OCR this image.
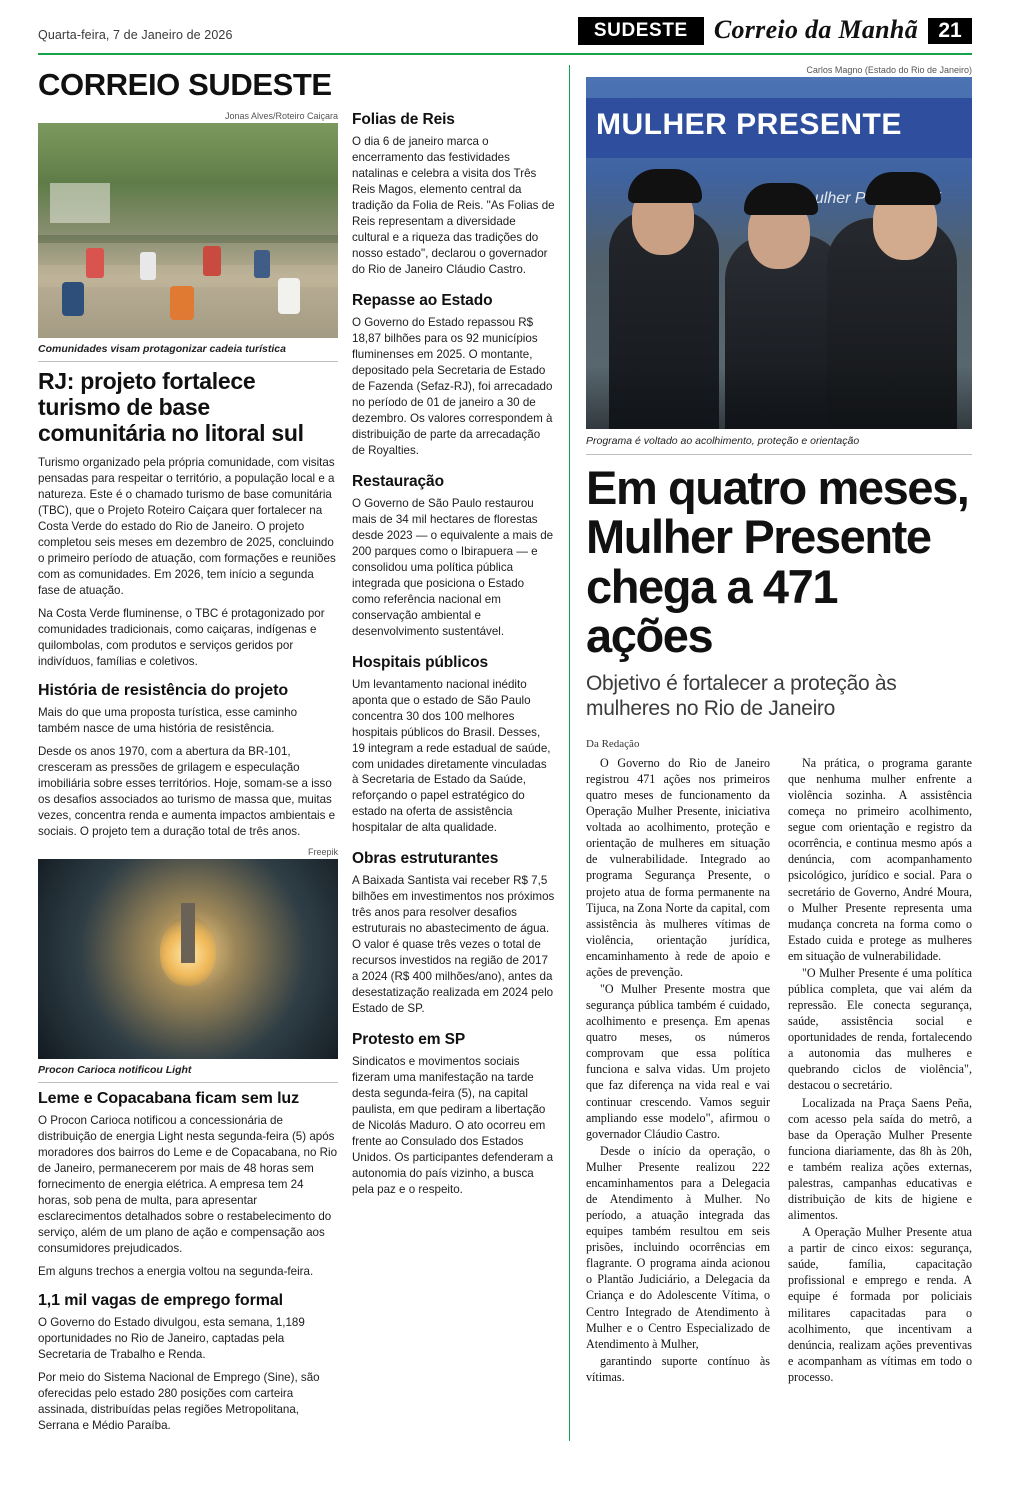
Quarta-feira, 7 de Janeiro de 2026	SUDESTE	Correio da Manhã 21
CORREIO SUDESTE
Jonas Alves/Roteiro Caiçara
Comunidades visam protagonizar cadeia turística
RJ: projeto fortalece turismo de base comunitária no litoral sul

Turismo organizado pela própria comunidade, com visitas pensadas para respeitar o território, a população local e a natureza. Este é o chamado turismo de base comunitária (TBC), que o Projeto Roteiro Caiçara quer fortalecer na Costa Verde do estado do Rio de Janeiro. O projeto completou seis meses em dezembro de 2025, concluindo o primeiro período de atuação, com formações e reuniões com as comunidades. Em 2026, tem início a segunda fase de atuação.

Na Costa Verde fluminense, o TBC é protagonizado por comunidades tradicionais, como caiçaras, indígenas e quilombolas, com produtos e serviços geridos por indivíduos, famílias e coletivos.

História de resistência do projeto

Mais do que uma proposta turística, esse caminho também nasce de uma história de resistência.

Desde os anos 1970, com a abertura da BR-101, cresceram as pressões de grilagem e especulação imobiliária sobre esses territórios. Hoje, somam-se a isso os desafios associados ao turismo de massa que, muitas vezes, concentra renda e aumenta impactos ambientais e sociais. O projeto tem a duração total de três anos.

Freepik
Procon Carioca notificou Light
Leme e Copacabana ficam sem luz

O Procon Carioca notificou a concessionária de distribuição de energia Light nesta segunda-feira (5) após moradores dos bairros do Leme e de Copacabana, no Rio de Janeiro, permanecerem por mais de 48 horas sem fornecimento de energia elétrica. A empresa tem 24 horas, sob pena de multa, para apresentar esclarecimentos detalhados sobre o restabelecimento do serviço, além de um plano de ação e compensação aos consumidores prejudicados.

Em alguns trechos a energia voltou na segunda-feira.

1,1 mil vagas de emprego formal

O Governo do Estado divulgou, esta semana, 1,189 oportunidades no Rio de Janeiro, captadas pela Secretaria de Trabalho e Renda.

Por meio do Sistema Nacional de Emprego (Sine), são oferecidas pelo estado 280 posições com carteira assinada, distribuídas pelas regiões Metropolitana, Serrana e Médio Paraíba.

Folias de Reis

O dia 6 de janeiro marca o encerramento das festividades natalinas e celebra a visita dos Três Reis Magos, elemento central da tradição da Folia de Reis. "As Folias de Reis representam a diversidade cultural e a riqueza das tradições do nosso estado", declarou o governador do Rio de Janeiro Cláudio Castro.

Repasse ao Estado

O Governo do Estado repassou R$ 18,87 bilhões para os 92 municípios fluminenses em 2025. O montante, depositado pela Secretaria de Estado de Fazenda (Sefaz-RJ), foi arrecadado no período de 01 de janeiro a 30 de dezembro. Os valores correspondem à distribuição de parte da arrecadação de Royalties.

Restauração

O Governo de São Paulo restaurou mais de 34 mil hectares de florestas desde 2023 — o equivalente a mais de 200 parques como o Ibirapuera — e consolidou uma política pública integrada que posiciona o Estado como referência nacional em conservação ambiental e desenvolvimento sustentável.

Hospitais públicos

Um levantamento nacional inédito aponta que o estado de São Paulo concentra 30 dos 100 melhores hospitais públicos do Brasil. Desses, 19 integram a rede estadual de saúde, com unidades diretamente vinculadas à Secretaria de Estado da Saúde, reforçando o papel estratégico do estado na oferta de assistência hospitalar de alta qualidade.

Obras estruturantes

A Baixada Santista vai receber R$ 7,5 bilhões em investimentos nos próximos três anos para resolver desafios estruturais no abastecimento de água. O valor é quase três vezes o total de recursos investidos na região de 2017 a 2024 (R$ 400 milhões/ano), antes da desestatização realizada em 2024 pelo Estado de SP.

Protesto em SP

Sindicatos e movimentos sociais fizeram uma manifestação na tarde desta segunda-feira (5), na capital paulista, em que pediram a libertação de Nicolás Maduro. O ato ocorreu em frente ao Consulado dos Estados Unidos. Os participantes defenderam a autonomia do país vizinho, a busca pela paz e o respeito.

Carlos Magno (Estado do Rio de Janeiro)
MULHER PRESENTE
mulher
Programa é voltado ao acolhimento, proteção e orientação
Em quatro meses, Mulher Presente chega a 471 ações
Objetivo é fortalecer a proteção às mulheres no Rio de Janeiro
Da Redação

O Governo do Rio de Janeiro registrou 471 ações nos primeiros quatro meses de funcionamento da Operação Mulher Presente, iniciativa voltada ao acolhimento, proteção e orientação de mulheres em situação de vulnerabilidade. Integrado ao programa Segurança Presente, o projeto atua de forma permanente na Tijuca, na Zona Norte da capital, com assistência às mulheres vítimas de violência, orientação jurídica, encaminhamento à rede de apoio e ações de prevenção.

"O Mulher Presente mostra que segurança pública também é cuidado, acolhimento e presença. Em apenas quatro meses, os números comprovam que essa política funciona e salva vidas. Um projeto que faz diferença na vida real e vai continuar crescendo. Vamos seguir ampliando esse modelo", afirmou o governador Cláudio Castro.

Desde o início da operação, o Mulher Presente realizou 222 encaminhamentos para a Delegacia de Atendimento à Mulher. No período, a atuação integrada das equipes também resultou em seis prisões, incluindo ocorrências em flagrante. O programa ainda acionou o Plantão Judiciário, a Delegacia da Criança e do Adolescente Vítima, o Centro Integrado de Atendimento à Mulher e o Centro Especializado de Atendimento à Mulher,

garantindo suporte contínuo às vítimas.

Na prática, o programa garante que nenhuma mulher enfrente a violência sozinha. A assistência começa no primeiro acolhimento, segue com orientação e registro da ocorrência, e continua mesmo após a denúncia, com acompanhamento psicológico, jurídico e social. Para o secretário de Governo, André Moura, o Mulher Presente representa uma mudança concreta na forma como o Estado cuida e protege as mulheres em situação de vulnerabilidade.

"O Mulher Presente é uma política pública completa, que vai além da repressão. Ele conecta segurança, saúde, assistência social e oportunidades de renda, fortalecendo a autonomia das mulheres e quebrando ciclos de violência", destacou o secretário.

Localizada na Praça Saens Peña, com acesso pela saída do metrô, a base da Operação Mulher Presente funciona diariamente, das 8h às 20h, e também realiza ações externas, palestras, campanhas educativas e distribuição de kits de higiene e alimentos.

A Operação Mulher Presente atua a partir de cinco eixos: segurança, saúde, família, capacitação profissional e emprego e renda. A equipe é formada por policiais militares capacitadas para o acolhimento, que incentivam a denúncia, realizam ações preventivas e acompanham as vítimas em todo o processo.
